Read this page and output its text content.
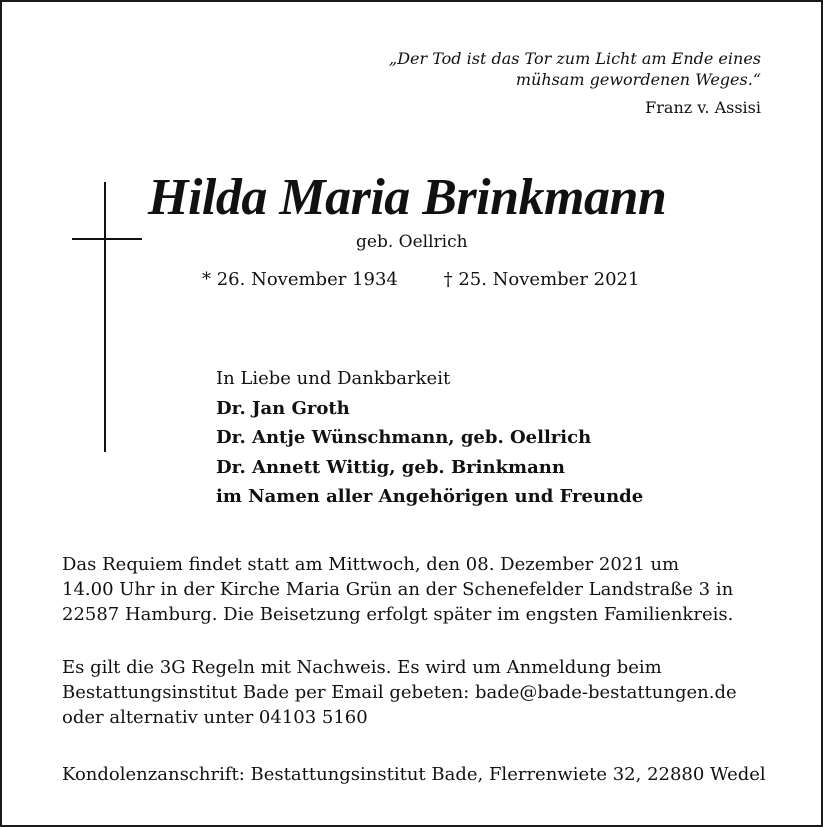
„Der Tod ist das Tor zum Licht am Ende eines
mühsam gewordenen Weges.“
Franz v. Assisi
Hilda Maria Brinkmann
geb. Oellrich
* 26. November 1934	† 25. November 2021
In Liebe und Dankbarkeit
Dr. Jan Groth
Dr. Antje Wünschmann, geb. Oellrich
Dr. Annett Wittig, geb. Brinkmann
im Namen aller Angehörigen und Freunde
Das Requiem findet statt am Mittwoch, den 08. Dezember 2021 um
14.00 Uhr in der Kirche Maria Grün an der Schenefelder Landstraße 3 in
22587 Hamburg. Die Beisetzung erfolgt später im engsten Familienkreis.
Es gilt die 3G Regeln mit Nachweis. Es wird um Anmeldung beim
Bestattungsinstitut Bade per Email gebeten: bade@bade-bestattungen.de
oder alternativ unter 04103 5160
Kondolenzanschrift: Bestattungsinstitut Bade, Flerrenwiete 32, 22880 Wedel
